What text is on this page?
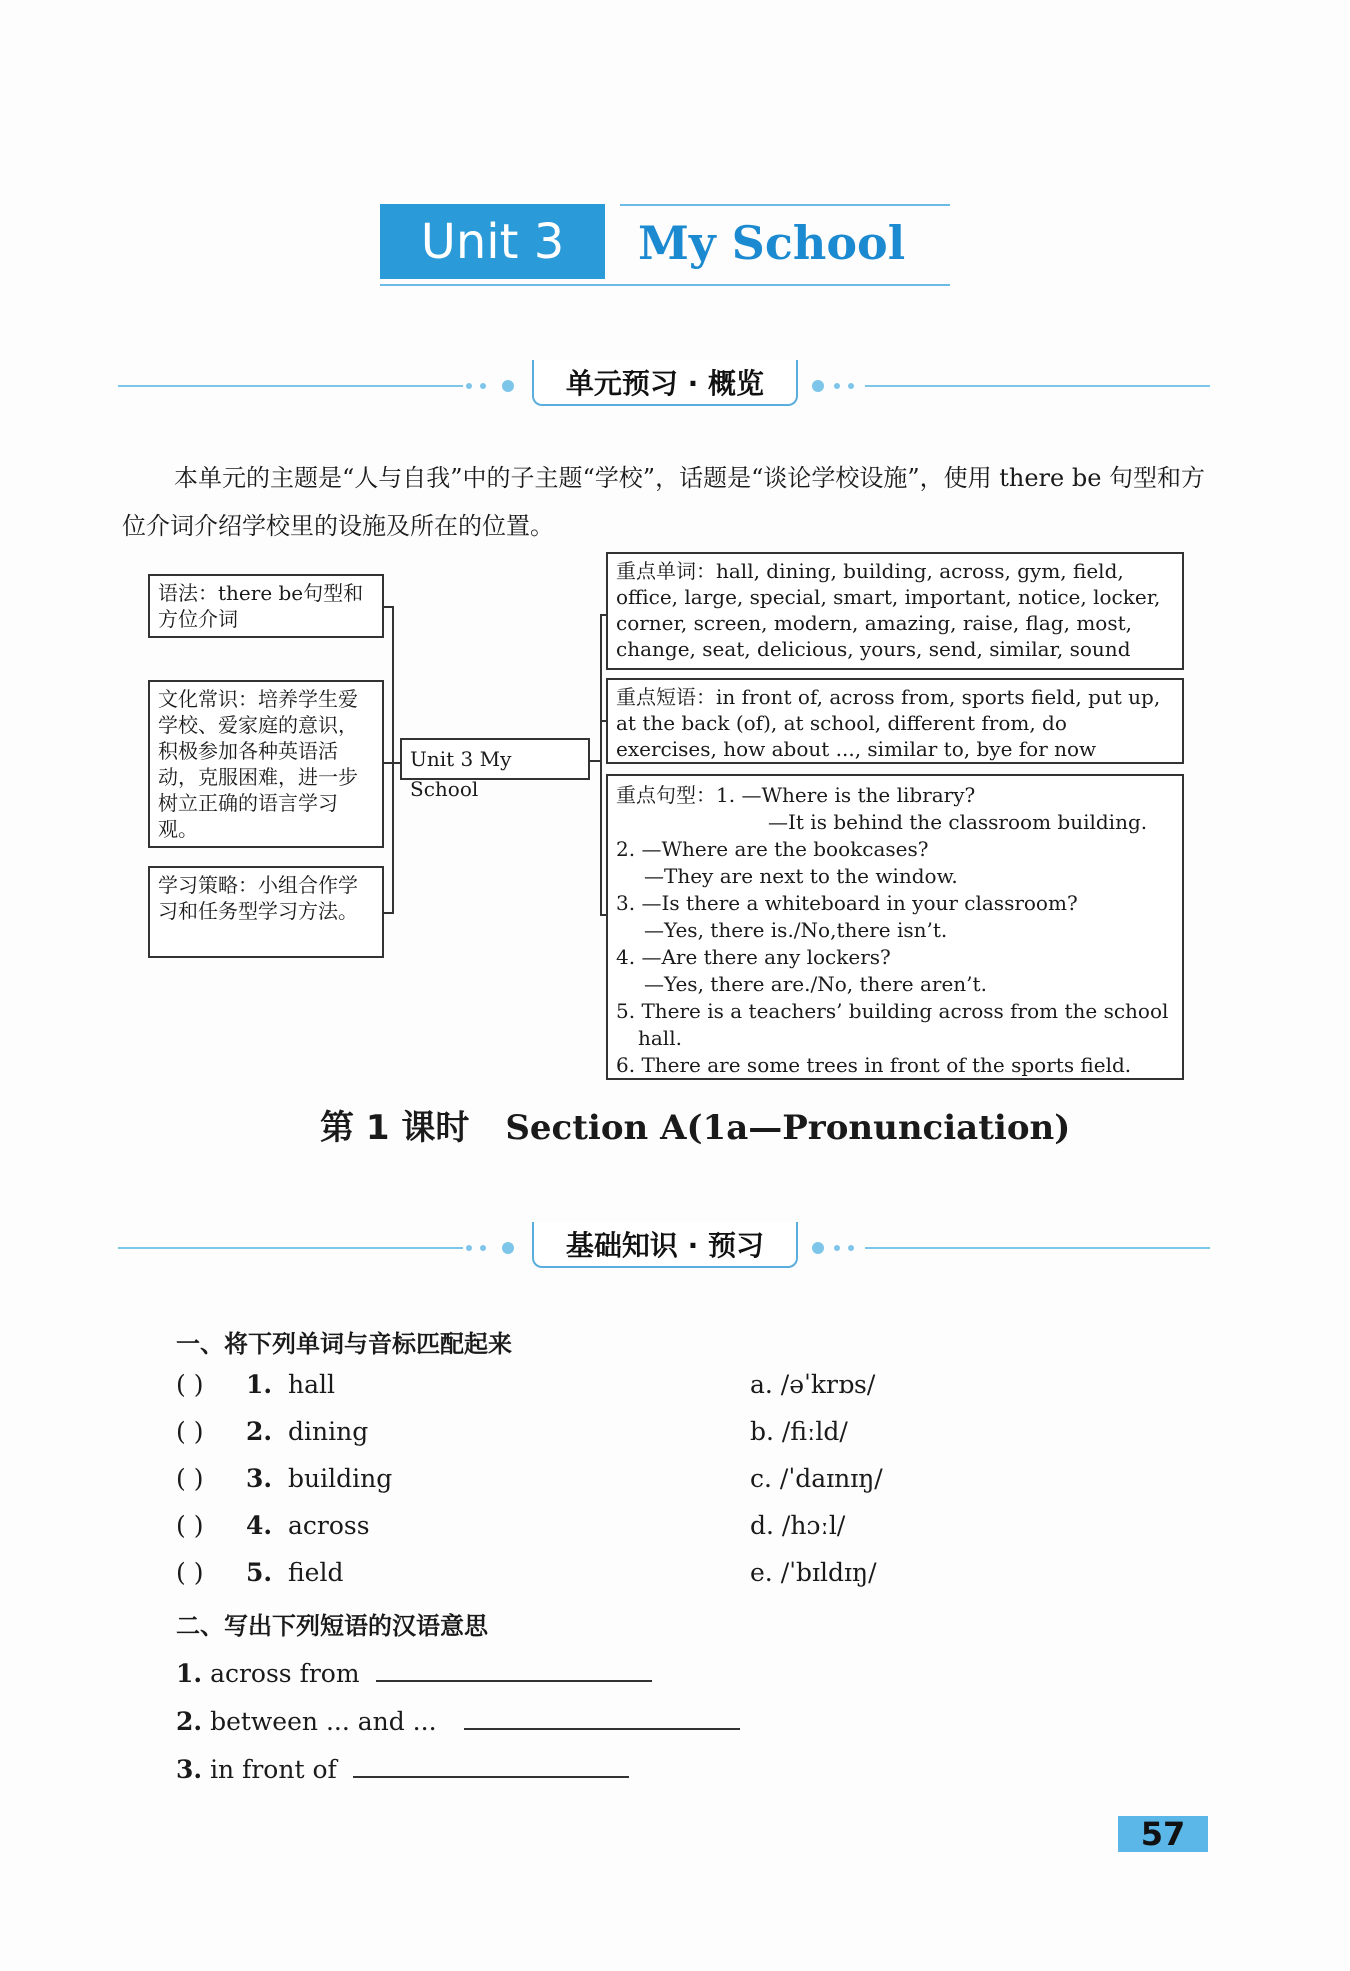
Unit 3	My School
单元预习 · 概览
本单元的主题是“人与自我”中的子主题“学校”，话题是“谈论学校设施”，使用 there be 句型和方位介词介绍学校里的设施及所在的位置。
语法：there be句型和方位介词
文化常识：培养学生爱学校、爱家庭的意识，积极参加各种英语活动，克服困难，进一步树立正确的语言学习观。
学习策略：小组合作学习和任务型学习方法。
Unit 3 My School
重点单词：hall, dining, building, across, gym, field, office, large, special, smart, important, notice, locker, corner, screen, modern, amazing, raise, flag, most, change, seat, delicious, yours, send, similar, sound
重点短语：in front of, across from, sports field, put up, at the back (of), at school, different from, do exercises, how about ..., similar to, bye for now
重点句型：1. —Where is the library?
—It is behind the classroom building.
2. —Where are the bookcases?
—They are next to the window.
3. —Is there a whiteboard in your classroom?
—Yes, there is./No,there isn’t.
4. —Are there any lockers?
—Yes, there are./No, there aren’t.
5. There is a teachers’ building across from the school
hall.
6. There are some trees in front of the sports field.
第 1 课时 Section A(1a—Pronunciation)
基础知识 · 预习
一、将下列单词与音标匹配起来
( ) 1. hall	a. /əˈkrɒs/
( ) 2. dining	b. /fiːld/
( ) 3. building	c. /ˈdaɪnɪŋ/
( ) 4. across	d. /hɔːl/
( ) 5. field	e. /ˈbɪldɪŋ/
二、写出下列短语的汉语意思
1. across from
2. between ... and ...
3. in front of
57
